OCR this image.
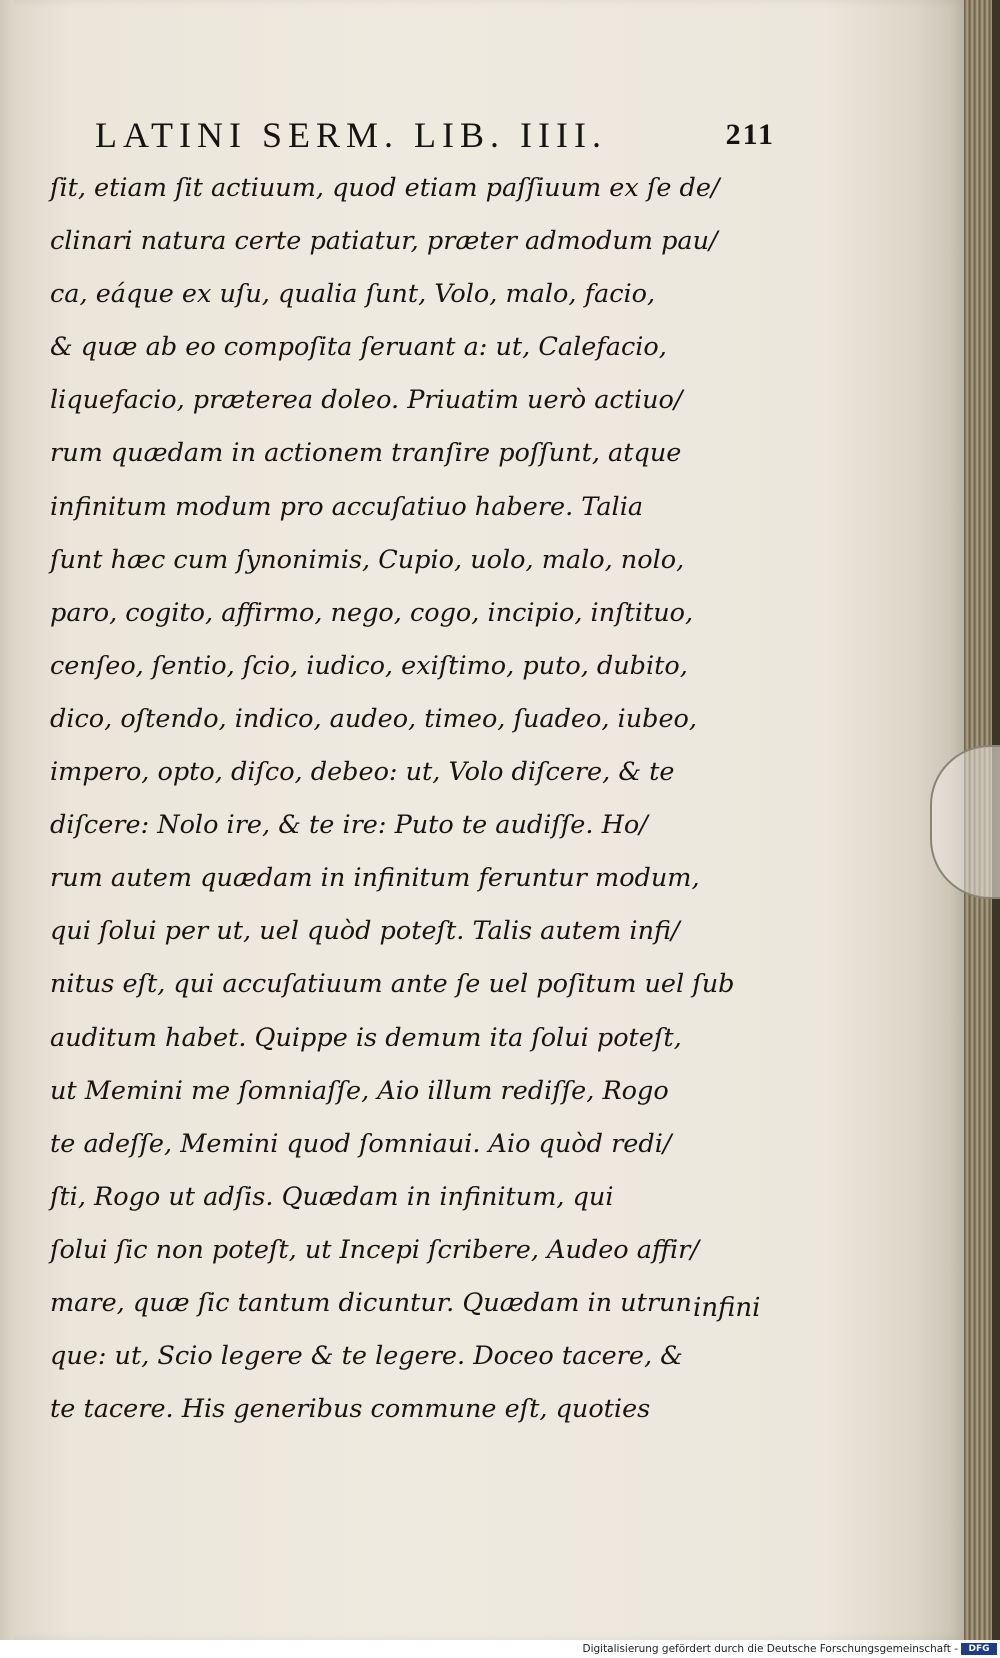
LATINI SERM. LIB. IIII.	211
ſit, etiam ſit actiuum, quod etiam paſſiuum ex ſe de/
clinari natura certe patiatur, præter admodum pau/
ca, eáque ex uſu, qualia ſunt, Volo, malo, facio,
& quæ ab eo compoſita ſeruant a: ut, Calefacio,
liquefacio, præterea doleo. Priuatim uerò actiuo/
rum quædam in actionem tranſire poſſunt, atque
infinitum modum pro accuſatiuo habere. Talia
ſunt hæc cum ſynonimis, Cupio, uolo, malo, nolo,
paro, cogito, affirmo, nego, cogo, incipio, inſtituo,
cenſeo, ſentio, ſcio, iudico, exiſtimo, puto, dubito,
dico, oſtendo, indico, audeo, timeo, ſuadeo, iubeo,
impero, opto, diſco, debeo: ut, Volo diſcere, & te
diſcere: Nolo ire, & te ire: Puto te audiſſe. Ho/
rum autem quædam in infinitum feruntur modum,
qui ſolui per ut, uel quòd poteſt. Talis autem infi/
nitus eſt, qui accuſatiuum ante ſe uel poſitum uel ſub
auditum habet. Quippe is demum ita ſolui poteſt,
ut Memini me ſomniaſſe, Aio illum rediſſe, Rogo
te adeſſe, Memini quod ſomniaui. Aio quòd redi/
ſti, Rogo ut adſis. Quædam in infinitum, qui
ſolui ſic non poteſt, ut Incepi ſcribere, Audeo affir/
mare, quæ ſic tantum dicuntur. Quædam in utrun
que: ut, Scio legere & te legere. Doceo tacere, &
te tacere. His generibus commune eſt, quoties
infini
Digitalisierung gefördert durch die Deutsche Forschungsgemeinschaft -	DFG
